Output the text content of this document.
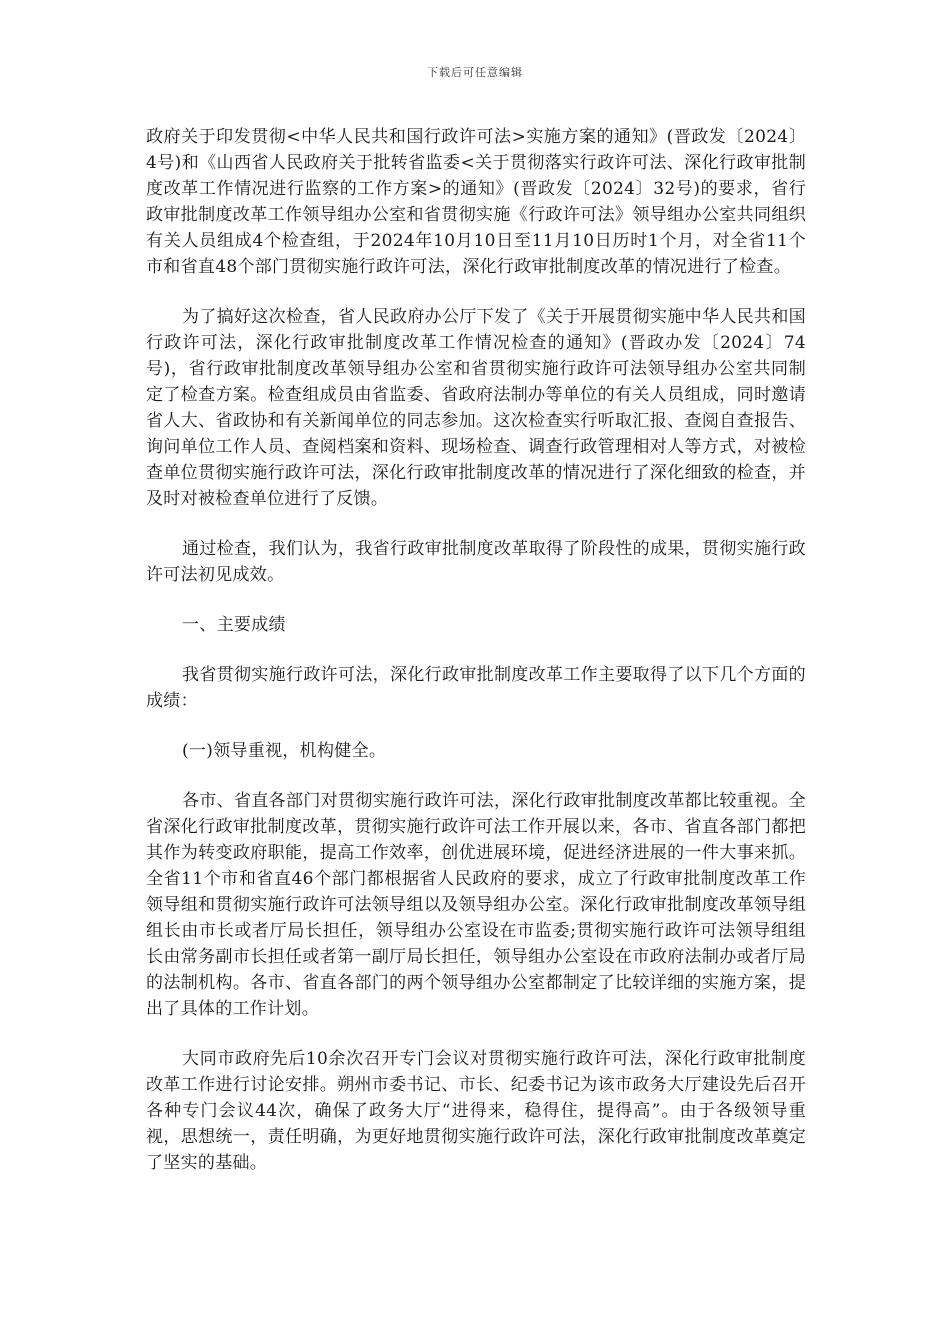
下载后可任意编辑

政府关于印发贯彻<中华人民共和国行政许可法>实施方案的通知》(晋政发〔2024〕4号)和《山西省人民政府关于批转省监委<关于贯彻落实行政许可法、深化行政审批制度改革工作情况进行监察的工作方案>的通知》(晋政发〔2024〕32号)的要求，省行政审批制度改革工作领导组办公室和省贯彻实施《行政许可法》领导组办公室共同组织有关人员组成4个检查组，于2024年10月10日至11月10日历时1个月，对全省11个市和省直48个部门贯彻实施行政许可法，深化行政审批制度改革的情况进行了检查。

为了搞好这次检查，省人民政府办公厅下发了《关于开展贯彻实施中华人民共和国行政许可法，深化行政审批制度改革工作情况检查的通知》(晋政办发〔2024〕74号)，省行政审批制度改革领导组办公室和省贯彻实施行政许可法领导组办公室共同制定了检查方案。检查组成员由省监委、省政府法制办等单位的有关人员组成，同时邀请省人大、省政协和有关新闻单位的同志参加。这次检查实行听取汇报、查阅自查报告、询问单位工作人员、查阅档案和资料、现场检查、调查行政管理相对人等方式，对被检查单位贯彻实施行政许可法，深化行政审批制度改革的情况进行了深化细致的检查，并及时对被检查单位进行了反馈。

通过检查，我们认为，我省行政审批制度改革取得了阶段性的成果，贯彻实施行政许可法初见成效。

一、主要成绩

我省贯彻实施行政许可法，深化行政审批制度改革工作主要取得了以下几个方面的成绩：

(一)领导重视，机构健全。

各市、省直各部门对贯彻实施行政许可法，深化行政审批制度改革都比较重视。全省深化行政审批制度改革，贯彻实施行政许可法工作开展以来，各市、省直各部门都把其作为转变政府职能，提高工作效率，创优进展环境，促进经济进展的一件大事来抓。全省11个市和省直46个部门都根据省人民政府的要求，成立了行政审批制度改革工作领导组和贯彻实施行政许可法领导组以及领导组办公室。深化行政审批制度改革领导组组长由市长或者厅局长担任，领导组办公室设在市监委;贯彻实施行政许可法领导组组长由常务副市长担任或者第一副厅局长担任，领导组办公室设在市政府法制办或者厅局的法制机构。各市、省直各部门的两个领导组办公室都制定了比较详细的实施方案，提出了具体的工作计划。

大同市政府先后10余次召开专门会议对贯彻实施行政许可法，深化行政审批制度改革工作进行讨论安排。朔州市委书记、市长、纪委书记为该市政务大厅建设先后召开各种专门会议44次，确保了政务大厅“进得来，稳得住，提得高”。由于各级领导重视，思想统一，责任明确，为更好地贯彻实施行政许可法，深化行政审批制度改革奠定了坚实的基础。
